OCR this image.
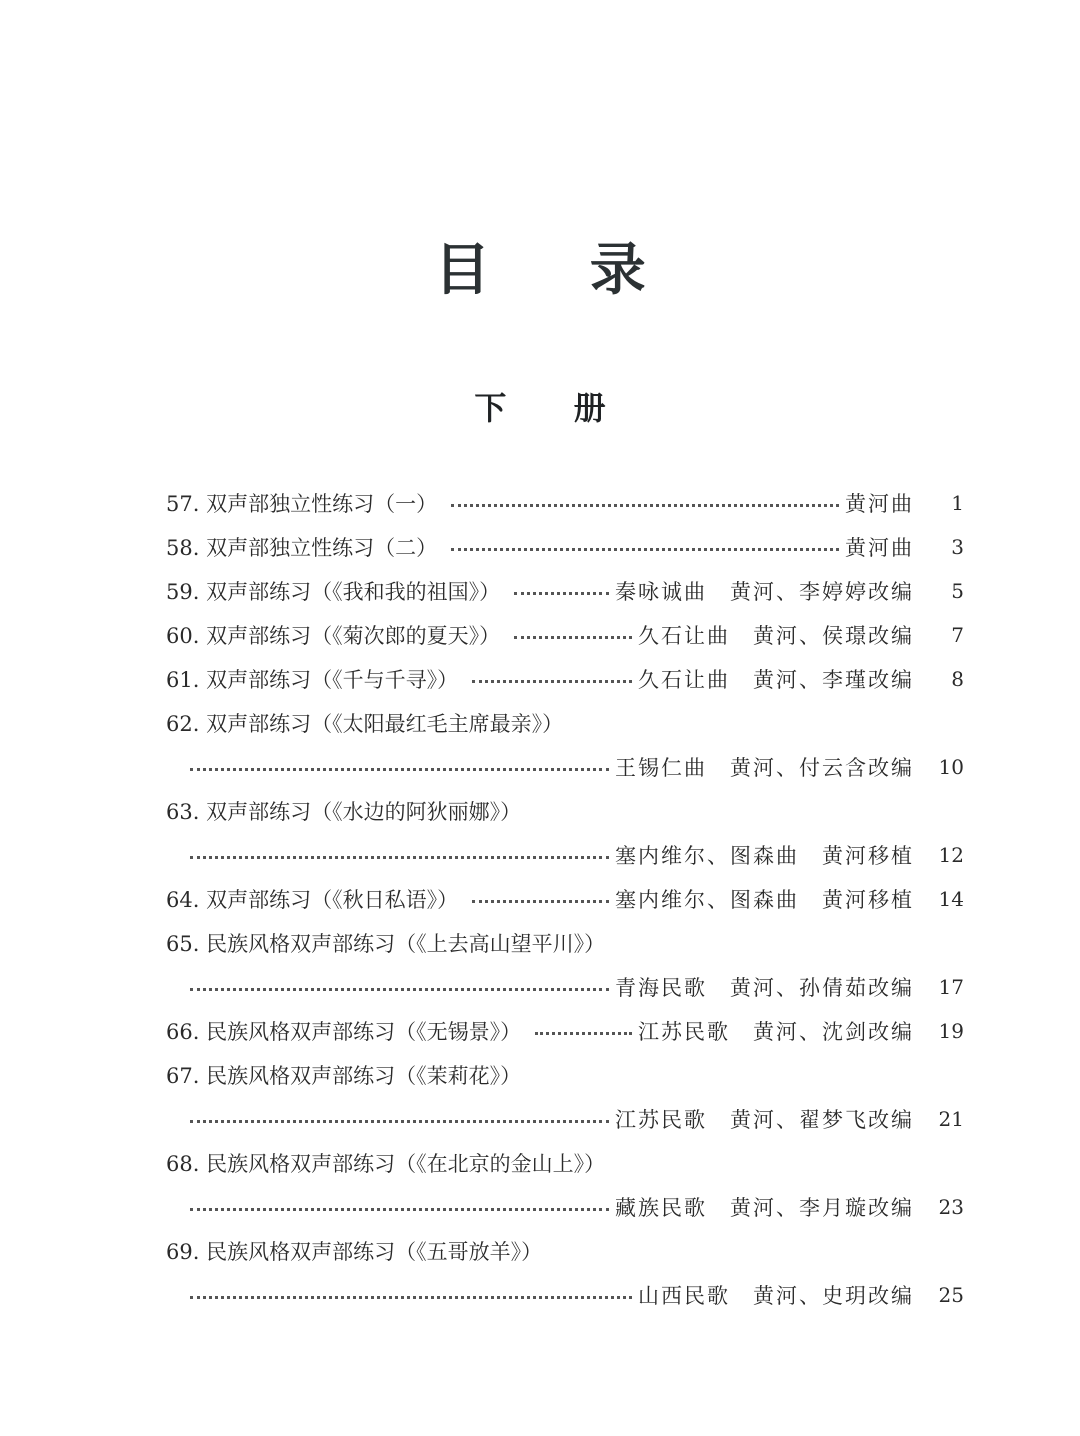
目 录
下 册
57. 双声部独立性练习（一）	黄河曲	1
58. 双声部独立性练习（二）	黄河曲	3
59. 双声部练习（《我和我的祖国》）	秦咏诚曲　黄河、李婷婷改编	5
60. 双声部练习（《菊次郎的夏天》）	久石让曲　黄河、侯璟改编	7
61. 双声部练习（《千与千寻》）	久石让曲　黄河、李瑾改编	8
62. 双声部练习（《太阳最红毛主席最亲》）
王锡仁曲　黄河、付云含改编	10
63. 双声部练习（《水边的阿狄丽娜》）
塞内维尔、图森曲　黄河移植	12
64. 双声部练习（《秋日私语》）	塞内维尔、图森曲　黄河移植	14
65. 民族风格双声部练习（《上去高山望平川》）
青海民歌　黄河、孙倩茹改编	17
66. 民族风格双声部练习（《无锡景》）	江苏民歌　黄河、沈剑改编	19
67. 民族风格双声部练习（《茉莉花》）
江苏民歌　黄河、翟梦飞改编	21
68. 民族风格双声部练习（《在北京的金山上》）
藏族民歌　黄河、李月璇改编	23
69. 民族风格双声部练习（《五哥放羊》）
山西民歌　黄河、史玥改编	25
